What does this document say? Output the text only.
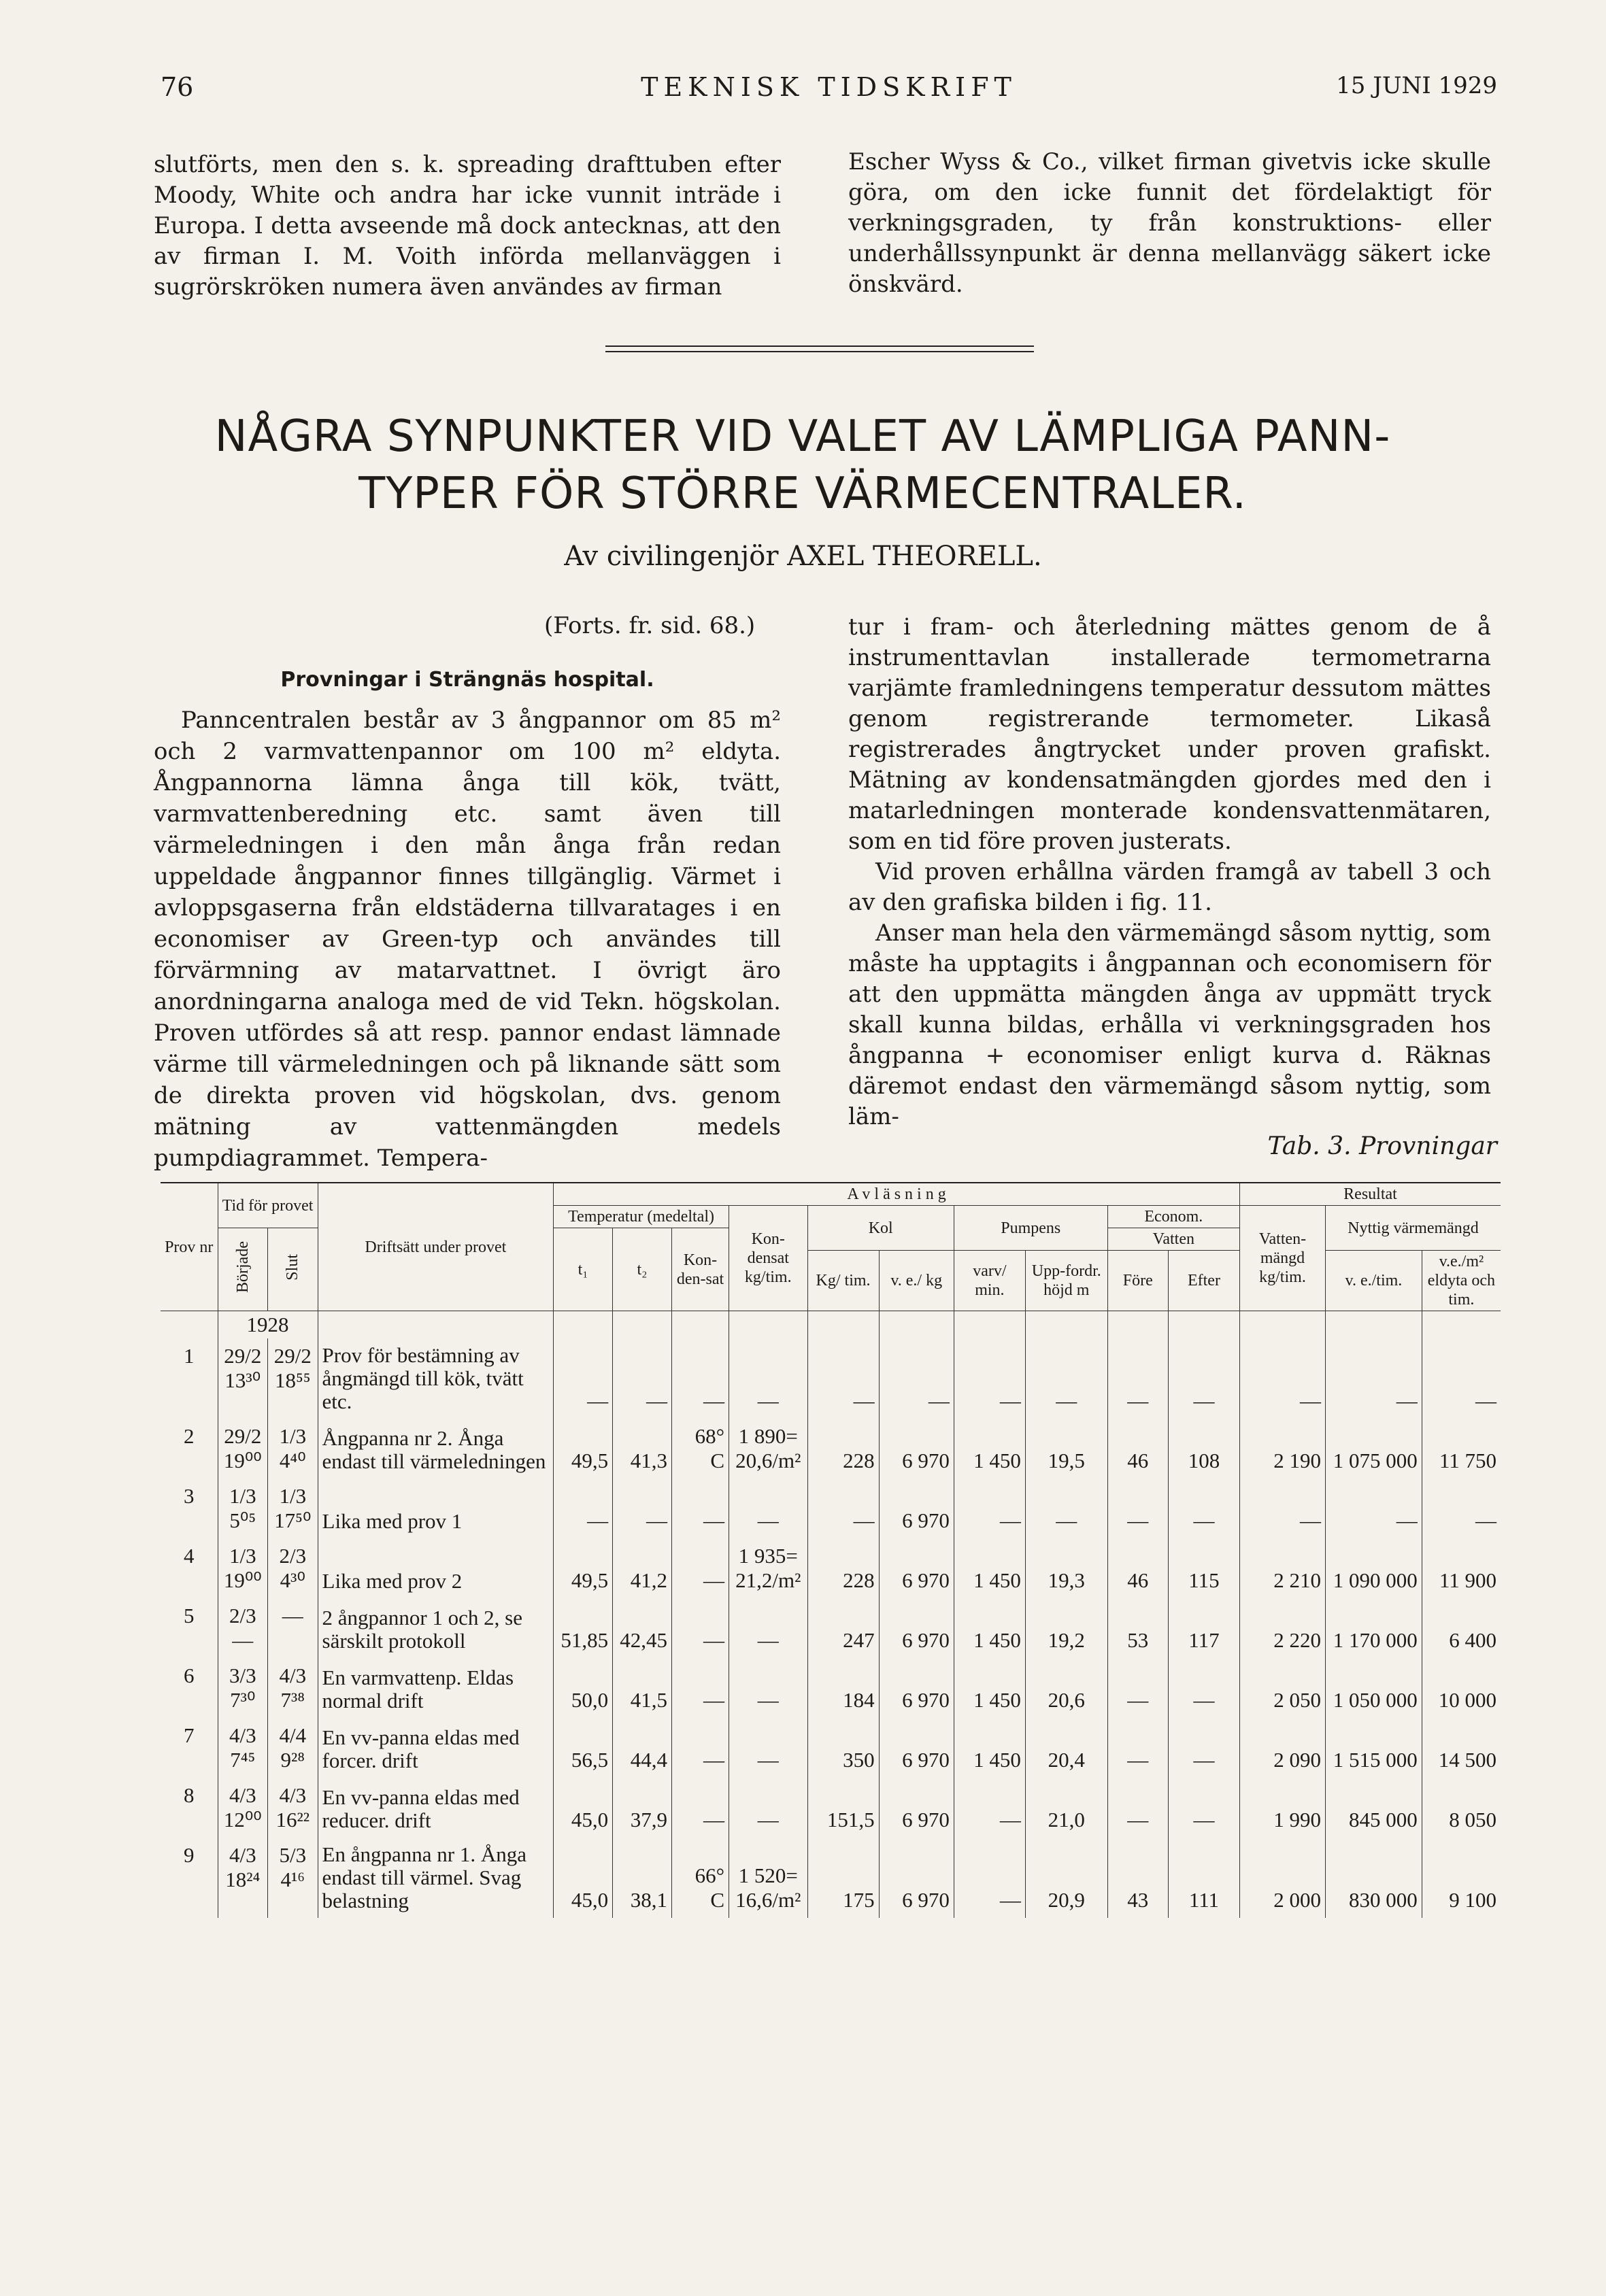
76	TEKNISK TIDSKRIFT	15 JUNI 1929

slutförts, men den s. k. spreading drafttuben efter Moody, White och andra har icke vunnit inträde i Europa. I detta avseende må dock antecknas, att den av firman I. M. Voith införda mellanväggen i sugrörskröken numera även användes av firman

Escher Wyss & Co., vilket firman givetvis icke skulle göra, om den icke funnit det fördelaktigt för verkningsgraden, ty från konstruktions- eller underhållssynpunkt är denna mellanvägg säkert icke önskvärd.

NÅGRA SYNPUNKTER VID VALET AV LÄMPLIGA PANN-
TYPER FÖR STÖRRE VÄRMECENTRALER.
Av civilingenjör AXEL THEORELL.
(Forts. fr. sid. 68.)
Provningar i Strängnäs hospital.

Panncentralen består av 3 ångpannor om 85 m² och 2 varmvattenpannor om 100 m² eldyta. Ångpannorna lämna ånga till kök, tvätt, varmvattenberedning etc. samt även till värmeledningen i den mån ånga från redan uppeldade ångpannor finnes tillgänglig. Värmet i avloppsgaserna från eldstäderna tillvaratages i en economiser av Green-typ och användes till förvärmning av matarvattnet. I övrigt äro anordningarna analoga med de vid Tekn. högskolan. Proven utfördes så att resp. pannor endast lämnade värme till värmeledningen och på liknande sätt som de direkta proven vid högskolan, dvs. genom mätning av vattenmängden medels pumpdiagrammet. Tempera-

tur i fram- och återledning mättes genom de å instrumenttavlan installerade termometrarna varjämte framledningens temperatur dessutom mättes genom registrerande termometer. Likaså registrerades ångtrycket under proven grafiskt. Mätning av kondensatmängden gjordes med den i matarledningen monterade kondensvattenmätaren, som en tid före proven justerats.

Vid proven erhållna värden framgå av tabell 3 och av den grafiska bilden i fig. 11.

Anser man hela den värmemängd såsom nyttig, som måste ha upptagits i ångpannan och economisern för att den uppmätta mängden ånga av uppmätt tryck skall kunna bildas, erhålla vi verkningsgraden hos ångpanna + economiser enligt kurva d. Räknas däremot endast den värmemängd såsom nyttig, som läm-

Tab. 3. Provningar
Prov nr	Tid för provet		Driftsätt under provet	A v l ä s n i n g										Resultat		
				Temperatur (medeltal)			Kon-densat kg/tim.	Kol		Pumpens		Econom.		Vatten-mängd kg/tim.	Nyttig värmemängd	
	Började	Slut		t₁	t₂	Kon-den-sat						Vatten				
								Kg/ tim.	v. e./ kg	varv/ min.	Upp-fordr. höjd m	Före	Efter		v. e./tim.	v.e./m² eldyta och tim.
	1928															
1	29/2 13³⁰	29/2 18⁵⁵	Prov för bestämning av ångmängd till kök, tvätt etc.	—	—	—	—	—	—	—	—	—	—	—	—	—
2	29/2 19⁰⁰	1/3 4⁴⁰	Ångpanna nr 2. Ånga endast till värmeledningen	49,5	41,3	68° C	1 890= 20,6/m²	228	6 970	1 450	19,5	46	108	2 190	1 075 000	11 750
3	1/3 5⁰⁵	1/3 17⁵⁰	Lika med prov 1	—	—	—	—	—	6 970	—	—	—	—	—	—	—
4	1/3 19⁰⁰	2/3 4³⁰	Lika med prov 2	49,5	41,2	—	1 935= 21,2/m²	228	6 970	1 450	19,3	46	115	2 210	1 090 000	11 900
5	2/3 —	—	2 ångpannor 1 och 2, se särskilt protokoll	51,85	42,45	—	—	247	6 970	1 450	19,2	53	117	2 220	1 170 000	6 400
6	3/3 7³⁰	4/3 7³⁸	En varmvattenp. Eldas normal drift	50,0	41,5	—	—	184	6 970	1 450	20,6	—	—	2 050	1 050 000	10 000
7	4/3 7⁴⁵	4/4 9²⁸	En vv-panna eldas med forcer. drift	56,5	44,4	—	—	350	6 970	1 450	20,4	—	—	2 090	1 515 000	14 500
8	4/3 12⁰⁰	4/3 16²²	En vv-panna eldas med reducer. drift	45,0	37,9	—	—	151,5	6 970	—	21,0	—	—	1 990	845 000	8 050
9	4/3 18²⁴	5/3 4¹⁶	En ångpanna nr 1. Ånga endast till värmel. Svag belastning	45,0	38,1	66° C	1 520= 16,6/m²	175	6 970	—	20,9	43	111	2 000	830 000	9 100
